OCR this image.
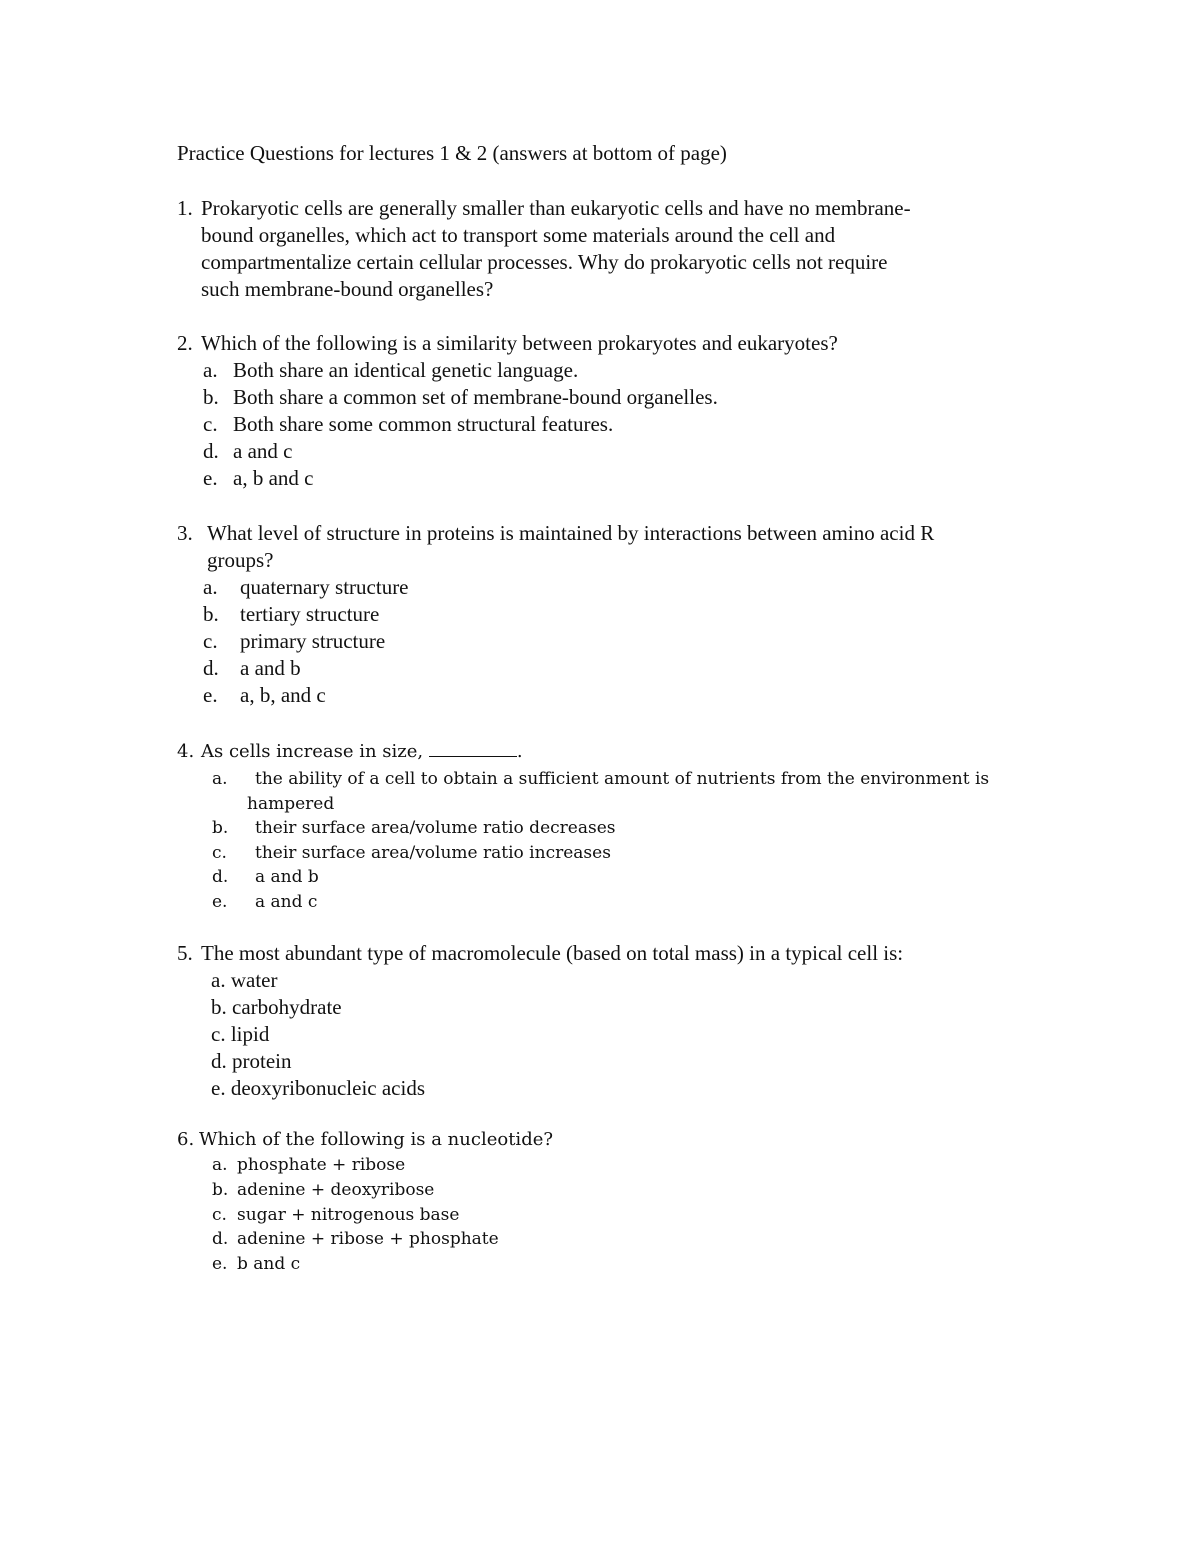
Practice Questions for lectures 1 & 2 (answers at bottom of page)
1. Prokaryotic cells are generally smaller than eukaryotic cells and have no membrane-
bound organelles, which act to transport some materials around the cell and
compartmentalize certain cellular processes. Why do prokaryotic cells not require
such membrane-bound organelles?
2. Which of the following is a similarity between prokaryotes and eukaryotes?
a. Both share an identical genetic language.
b. Both share a common set of membrane-bound organelles.
c. Both share some common structural features.
d. a and c
e. a, b and c
3. What level of structure in proteins is maintained by interactions between amino acid R
groups?
a. quaternary structure
b. tertiary structure
c. primary structure
d. a and b
e. a, b, and c
4. As cells increase in size,	.
a. the ability of a cell to obtain a sufficient amount of nutrients from the environment is
hampered
b. their surface area/volume ratio decreases
c. their surface area/volume ratio increases
d. a and b
e. a and c
5. The most abundant type of macromolecule (based on total mass) in a typical cell is:
a. water
b. carbohydrate
c. lipid
d. protein
e. deoxyribonucleic acids
6. Which of the following is a nucleotide?
a. phosphate + ribose
b. adenine + deoxyribose
c. sugar + nitrogenous base
d. adenine + ribose + phosphate
e. b and c
